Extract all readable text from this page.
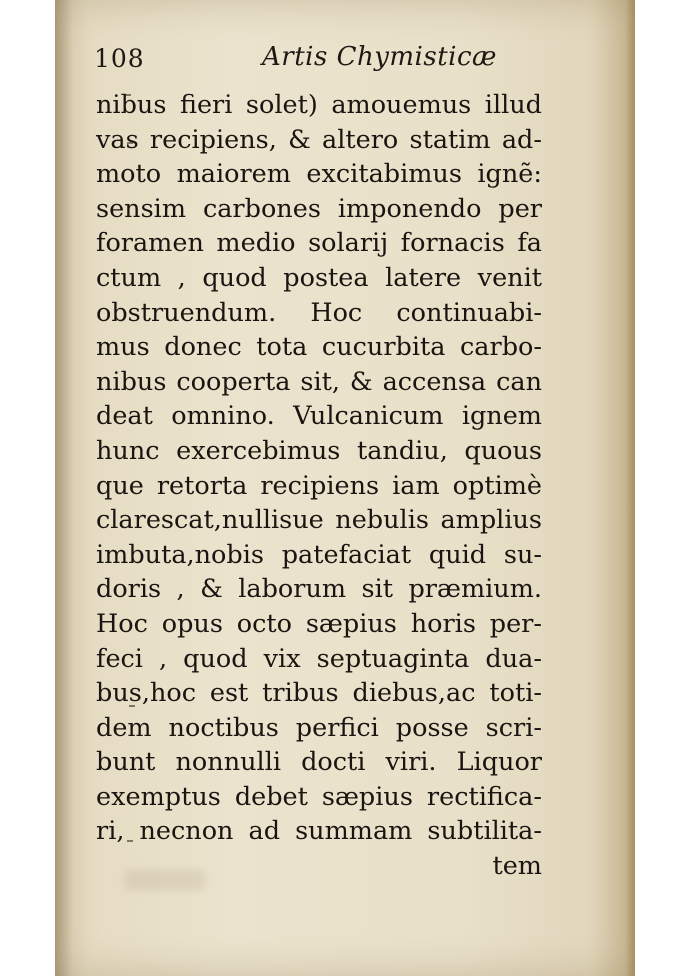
108	Artis Chymisticæ
nibus fieri solet) amouemus illud
vas recipiens, & altero statim ad-
moto maiorem excitabimus ignẽ:
sensim carbones imponendo per
foramen medio solarij fornacis fa
ctum , quod postea latere venit
obstruendum. Hoc continuabi-
mus donec tota cucurbita carbo-
nibus cooperta sit, & accensa can
deat omnino. Vulcanicum ignem
hunc exercebimus tandiu, quous
que retorta recipiens iam optimè
clarescat,nullisue nebulis amplius
imbuta,nobis patefaciat quid su-
doris , & laborum sit præmium.
Hoc opus octo sæpius horis per-
feci , quod vix septuaginta dua-
bus,hoc est tribus diebus,ac toti-
dem noctibus perfici posse scri-
bunt nonnulli docti viri. Liquor
exemptus debet sæpius rectifica-
ri, necnon ad summam subtilita-
tem
